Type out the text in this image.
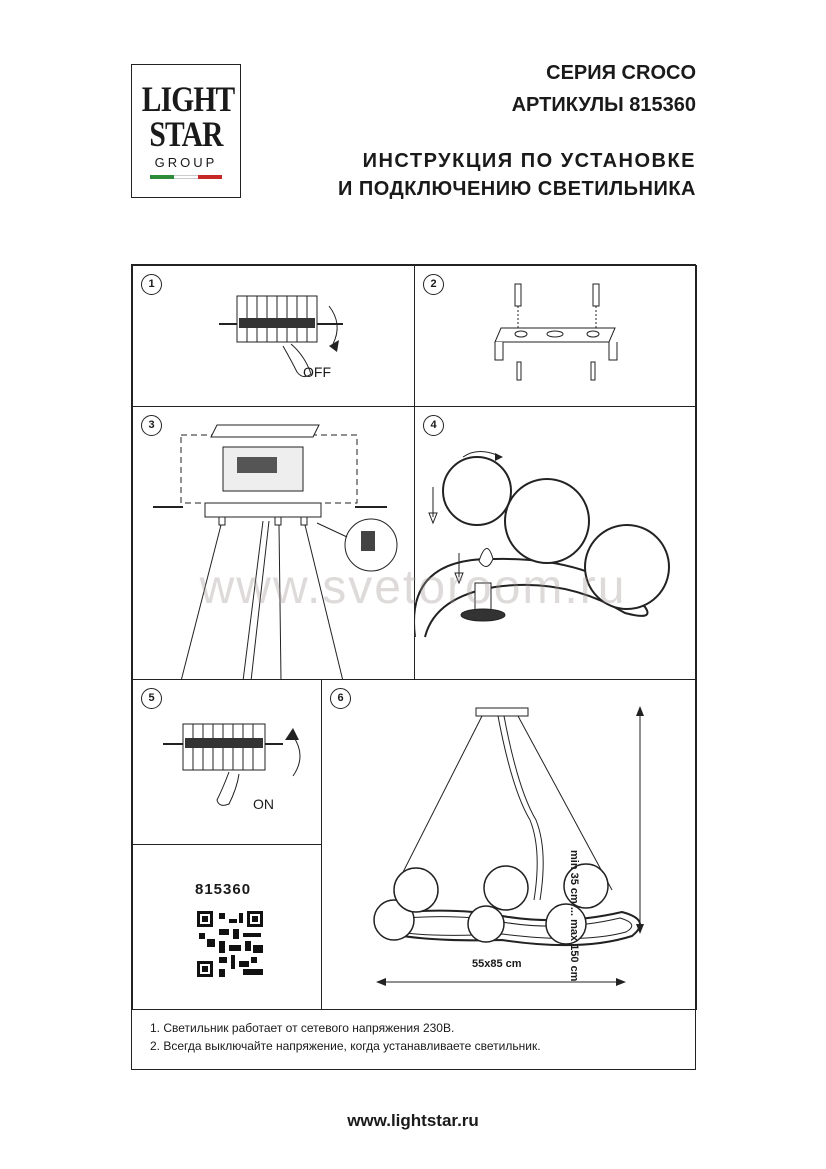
LIGHT
STAR
GROUP
СЕРИЯ CROCO
АРТИКУЛЫ 815360
ИНСТРУКЦИЯ ПО УСТАНОВКЕ
И ПОДКЛЮЧЕНИЮ СВЕТИЛЬНИКА
1
OFF
2
3	4
5
ON
815360
6
min 35 cm ... max 150 cm
55x85 cm
1. Светильник работает от сетевого напряжения 230В.
2. Всегда выключайте напряжение, когда устанавливаете светильник.
www.svetoroom.ru
www.lightstar.ru
